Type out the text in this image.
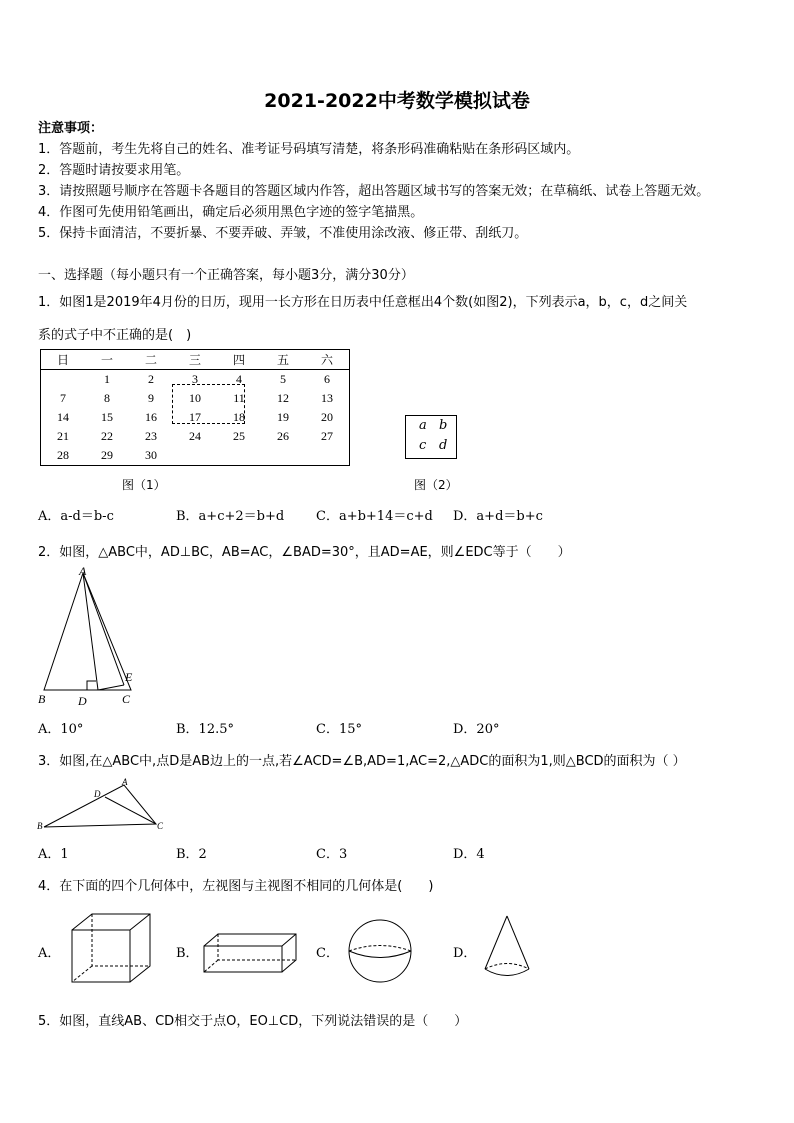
2021-2022中考数学模拟试卷
注意事项：
1．答题前，考生先将自己的姓名、准考证号码填写清楚，将条形码准确粘贴在条形码区域内。
2．答题时请按要求用笔。
3．请按照题号顺序在答题卡各题目的答题区域内作答，超出答题区域书写的答案无效；在草稿纸、试卷上答题无效。
4．作图可先使用铅笔画出，确定后必须用黑色字迹的签字笔描黑。
5．保持卡面清洁，不要折暴、不要弄破、弄皱，不准使用涂改液、修正带、刮纸刀。
一、选择题（每小题只有一个正确答案，每小题3分，满分30分）
1．如图1是2019年4月份的日历，现用一长方形在日历表中任意框出4个数(如图2)，下列表示a，b，c，d之间关
系的式子中不正确的是(　)
日	一	二	三	四	五	六
	1	2	3	4	5	6
7	8	9	10	11	12	13
14	15	16	17	18	19	20
21	22	23	24	25	26	27
28	29	30				
a b
c d
图（1）	图（2）
A．a-d＝b-c	B．a+c+2＝b+d C．a+b+14＝c+d D．a+d＝b+c
2．如图，△ABC中，AD⊥BC，AB=AC，∠BAD=30°，且AD=AE，则∠EDC等于（　　）
A
B	D	C
E
A．10°	B．12.5°	C．15°	D．20°
3．如图,在△ABC中,点D是AB边上的一点,若∠ACD=∠B,AD=1,AC=2,△ADC的面积为1,则△BCD的面积为（ ）
A
D
B	C
A．1	B．2	C．3	D．4
4．在下面的四个几何体中，左视图与主视图不相同的几何体是(　　)
A．	B．	C．	D．
5．如图，直线AB、CD相交于点O，EO⊥CD，下列说法错误的是（　　）
